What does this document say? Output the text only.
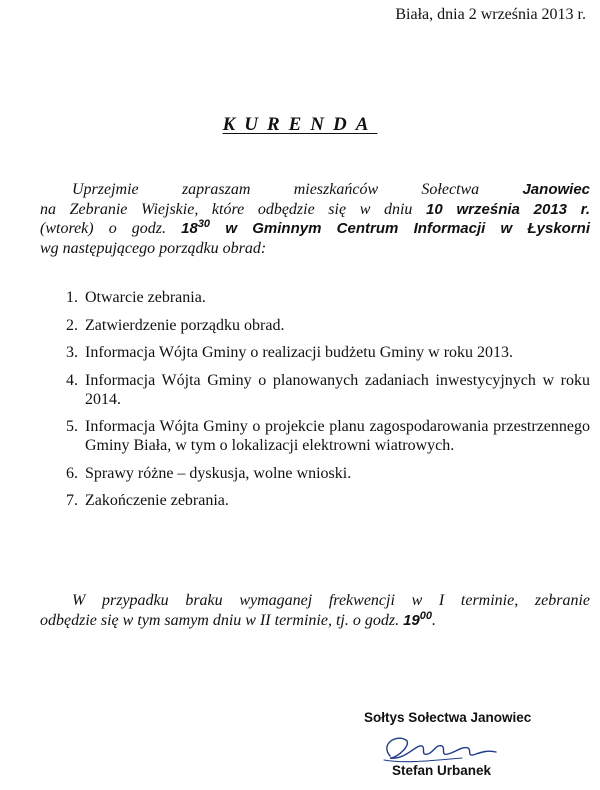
Biała, dnia 2 września 2013 r.
KURENDA

Uprzejmie zapraszam mieszkańców Sołectwa Janowiec

na Zebranie Wiejskie, które odbędzie się w dniu 10 września 2013 r.

(wtorek) o godz. $18^{30}$ w Gminnym Centrum Informacji w Łyskorni

wg następującego porządku obrad:

1. Otwarcie zebrania.
2. Zatwierdzenie porządku obrad.
3. Informacja Wójta Gminy o realizacji budżetu Gminy w roku 2013.
4. Informacja Wójta Gminy o planowanych zadaniach inwestycyjnych w roku 2014.
5. Informacja Wójta Gminy o projekcie planu zagospodarowania przestrzennego Gminy Biała, w tym o lokalizacji elektrowni wiatrowych.
6. Sprawy różne – dyskusja, wolne wnioski.
7. Zakończenie zebrania.
W przypadku braku wymaganej frekwencji w I terminie, zebranie
odbędzie się w tym samym dniu w II terminie, tj. o godz. $19^{00}$.
Sołtys Sołectwa Janowiec
Stefan Urbanek
